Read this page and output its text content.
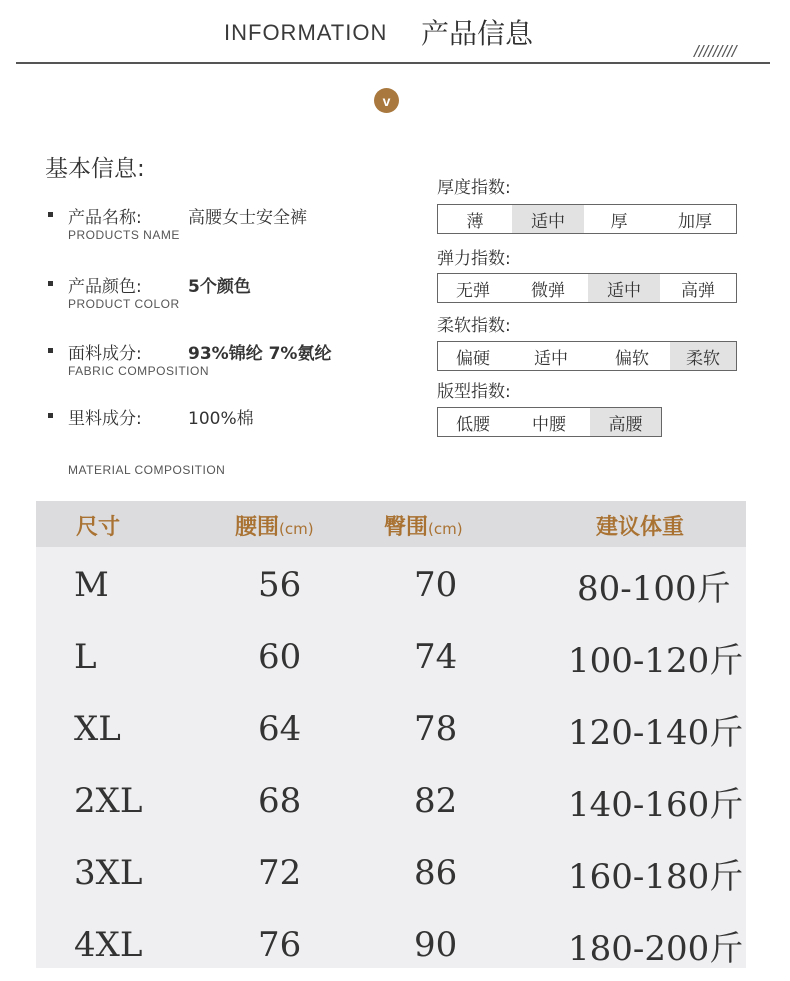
INFORMATION 产品信息
/////////
v
基本信息:
产品名称:	高腰女士安全裤
PRODUCTS NAME
产品颜色:	5个颜色
PRODUCT COLOR
面料成分:	93%锦纶 7%氨纶
FABRIC COMPOSITION
里料成分:	100%棉
MATERIAL COMPOSITION
厚度指数:
薄	适中	厚	加厚
弹力指数:
无弹	微弹	适中	高弹
柔软指数:
偏硬	适中	偏软	柔软
版型指数:
低腰	中腰	高腰
尺寸	腰围(cm)	臀围(cm)	建议体重
M	56	70	80-100斤
L	60	74	100-120斤
XL	64	78	120-140斤
2XL	68	82	140-160斤
3XL	72	86	160-180斤
4XL	76	90	180-200斤
